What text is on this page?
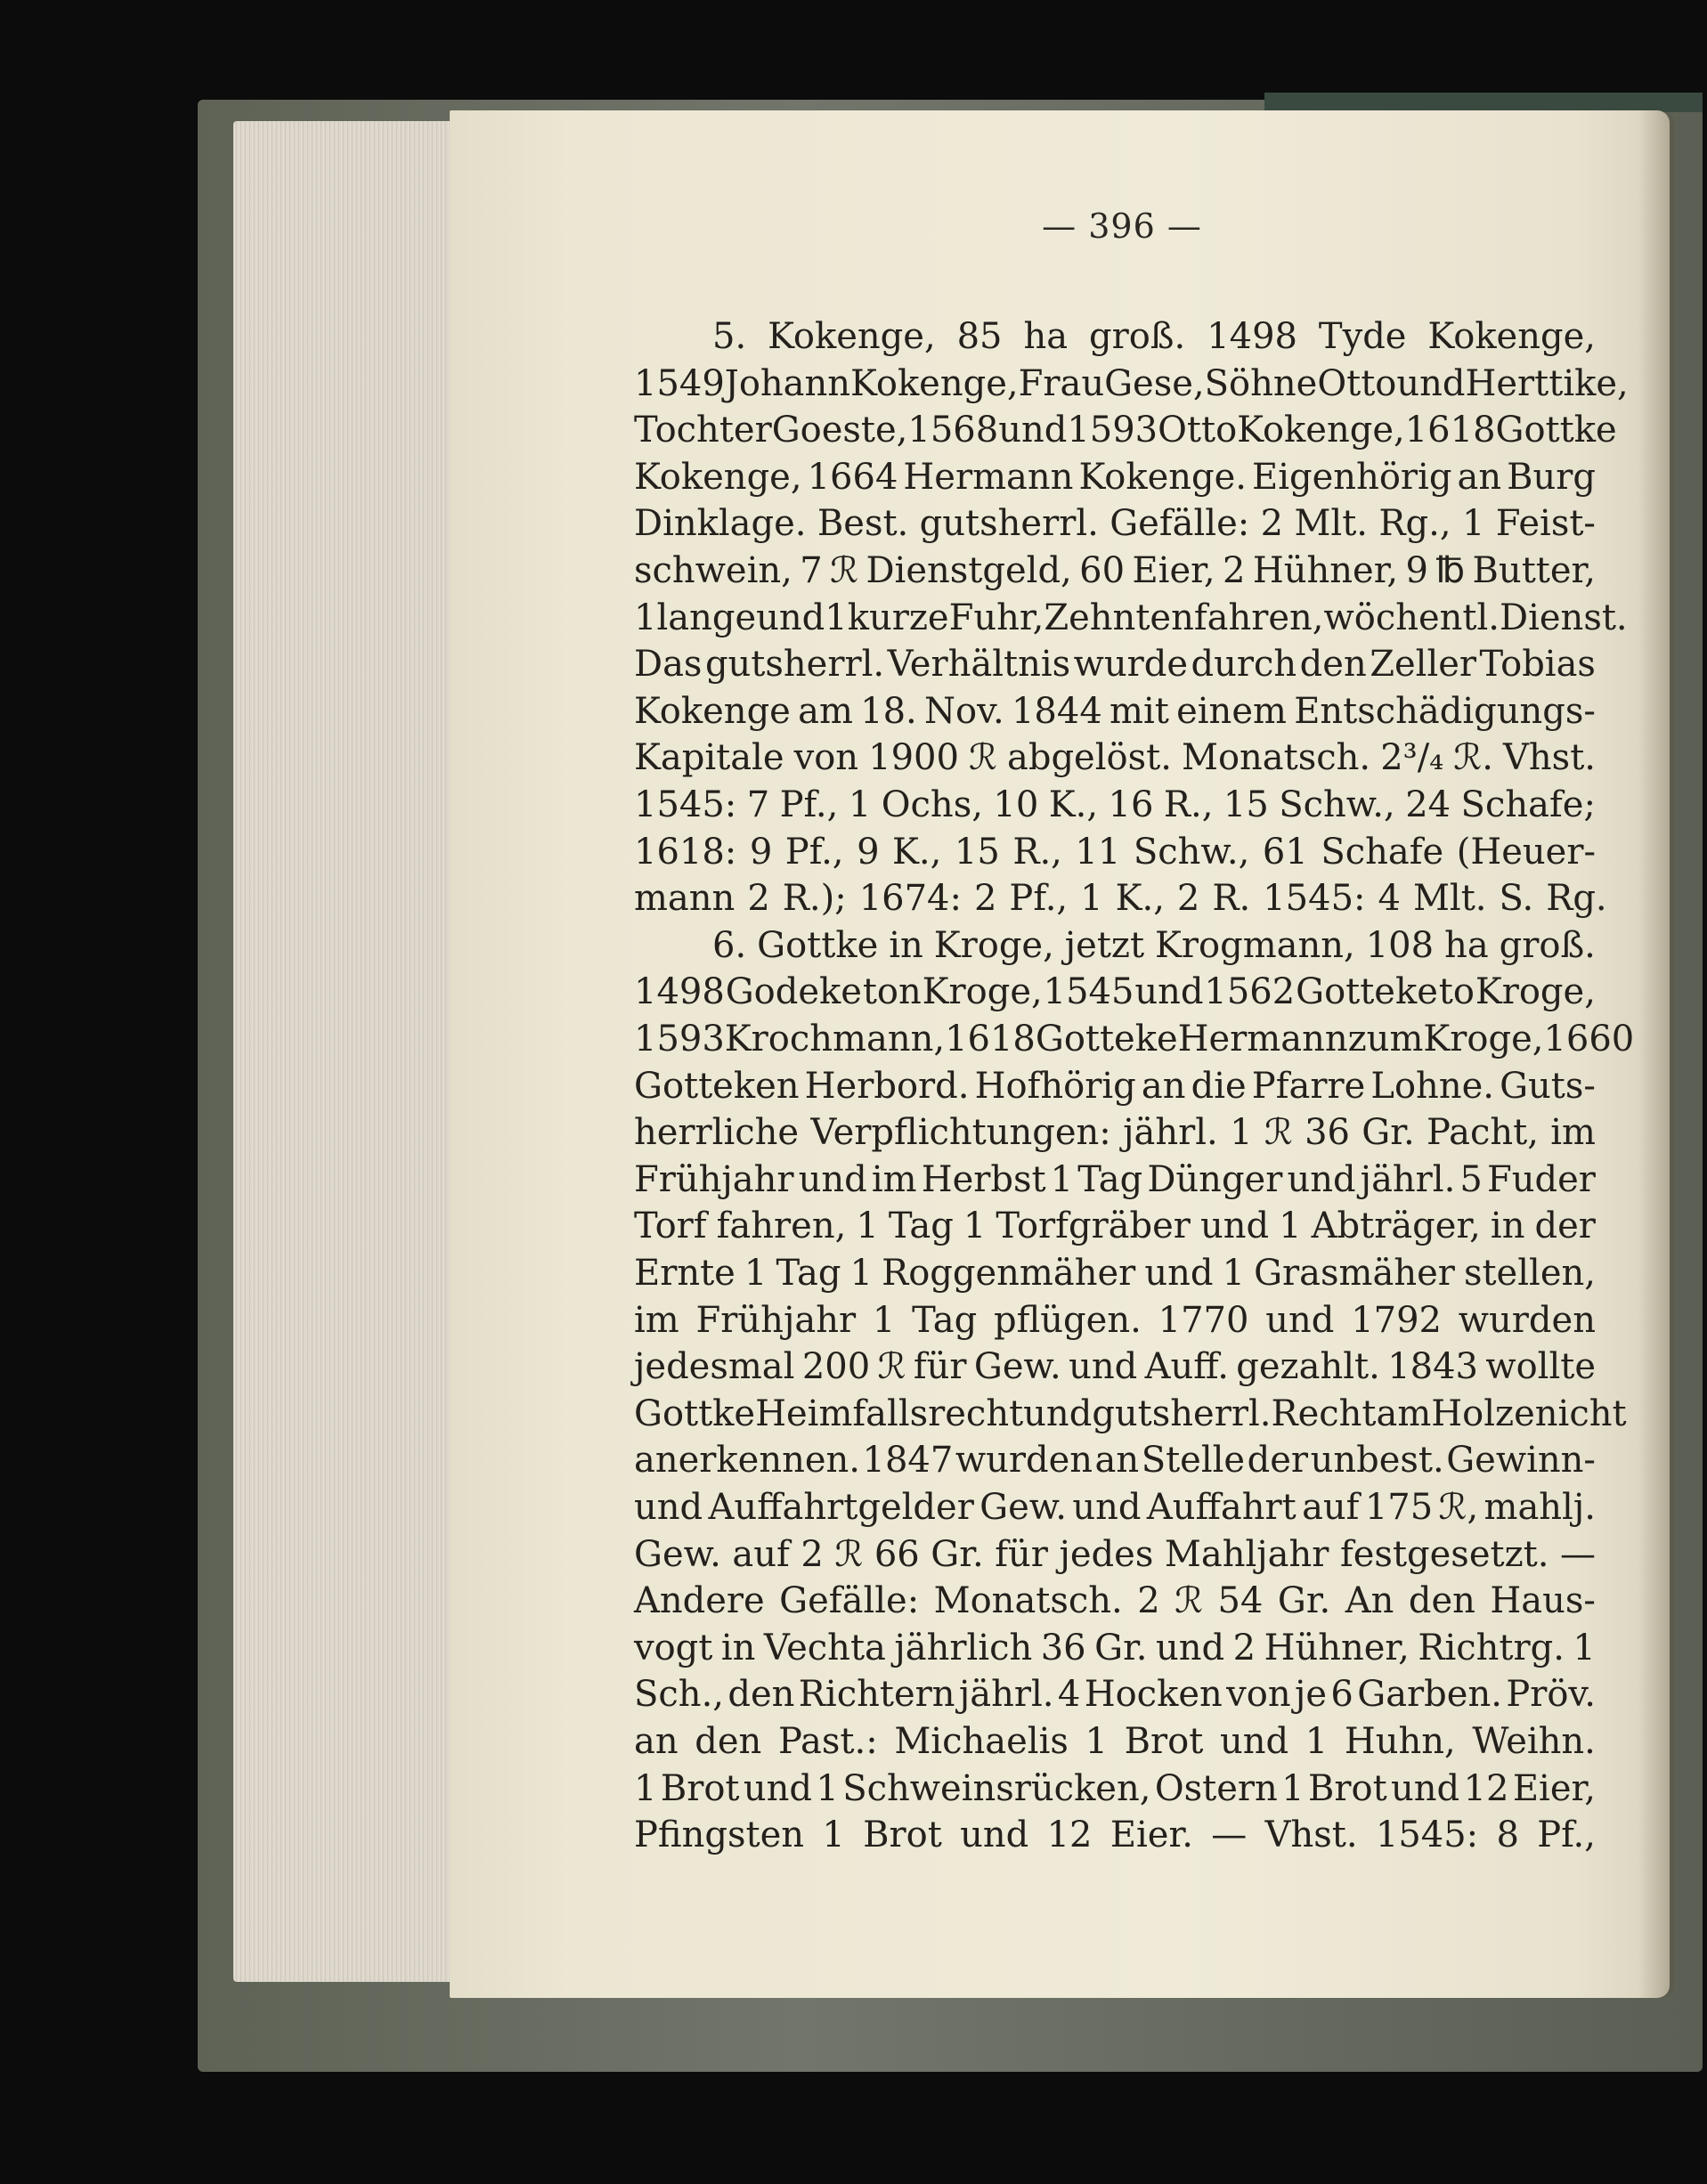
— 396 —

5. Kokenge, 85 ha groß. 1498 Tyde Kokenge,
1549 Johann Kokenge, Frau Gese, Söhne Otto und Herttike,
Tochter Goeste, 1568 und 1593 Otto Kokenge, 1618 Gottke
Kokenge, 1664 Hermann Kokenge. Eigenhörig an Burg
Dinklage. Best. gutsherrl. Gefälle: 2 Mlt. Rg., 1 Feist-
schwein, 7 ℛ Dienstgeld, 60 Eier, 2 Hühner, 9 ℔ Butter,
1 lange und 1 kurze Fuhr, Zehnten fahren, wöchentl. Dienst.
Das gutsherrl. Verhältnis wurde durch den Zeller Tobias
Kokenge am 18. Nov. 1844 mit einem Entschädigungs-
Kapitale von 1900 ℛ abgelöst. Monatsch. 2³/₄ ℛ. Vhst.
1545: 7 Pf., 1 Ochs, 10 K., 16 R., 15 Schw., 24 Schafe;
1618: 9 Pf., 9 K., 15 R., 11 Schw., 61 Schafe (Heuer-
mann 2 R.); 1674: 2 Pf., 1 K., 2 R. 1545: 4 Mlt. S. Rg.
6. Gottke in Kroge, jetzt Krogmann, 108 ha groß.
1498 Godeke ton Kroge, 1545 und 1562 Gotteke to Kroge,
1593 Krochmann, 1618 Gotteke Hermann zum Kroge, 1660
Gotteken Herbord. Hofhörig an die Pfarre Lohne. Guts-
herrliche Verpflichtungen: jährl. 1 ℛ 36 Gr. Pacht, im
Frühjahr und im Herbst 1 Tag Dünger und jährl. 5 Fuder
Torf fahren, 1 Tag 1 Torfgräber und 1 Abträger, in der
Ernte 1 Tag 1 Roggenmäher und 1 Grasmäher stellen,
im Frühjahr 1 Tag pflügen. 1770 und 1792 wurden
jedesmal 200 ℛ für Gew. und Auff. gezahlt. 1843 wollte
Gottke Heimfallsrecht und gutsherrl. Recht am Holze nicht
anerkennen. 1847 wurden an Stelle der unbest. Gewinn-
und Auffahrtgelder Gew. und Auffahrt auf 175 ℛ, mahlj.
Gew. auf 2 ℛ 66 Gr. für jedes Mahljahr festgesetzt. —
Andere Gefälle: Monatsch. 2 ℛ 54 Gr. An den Haus-
vogt in Vechta jährlich 36 Gr. und 2 Hühner, Richtrg. 1
Sch., den Richtern jährl. 4 Hocken von je 6 Garben. Pröv.
an den Past.: Michaelis 1 Brot und 1 Huhn, Weihn.
1 Brot und 1 Schweinsrücken, Ostern 1 Brot und 12 Eier,
Pfingsten 1 Brot und 12 Eier. — Vhst. 1545: 8 Pf.,
